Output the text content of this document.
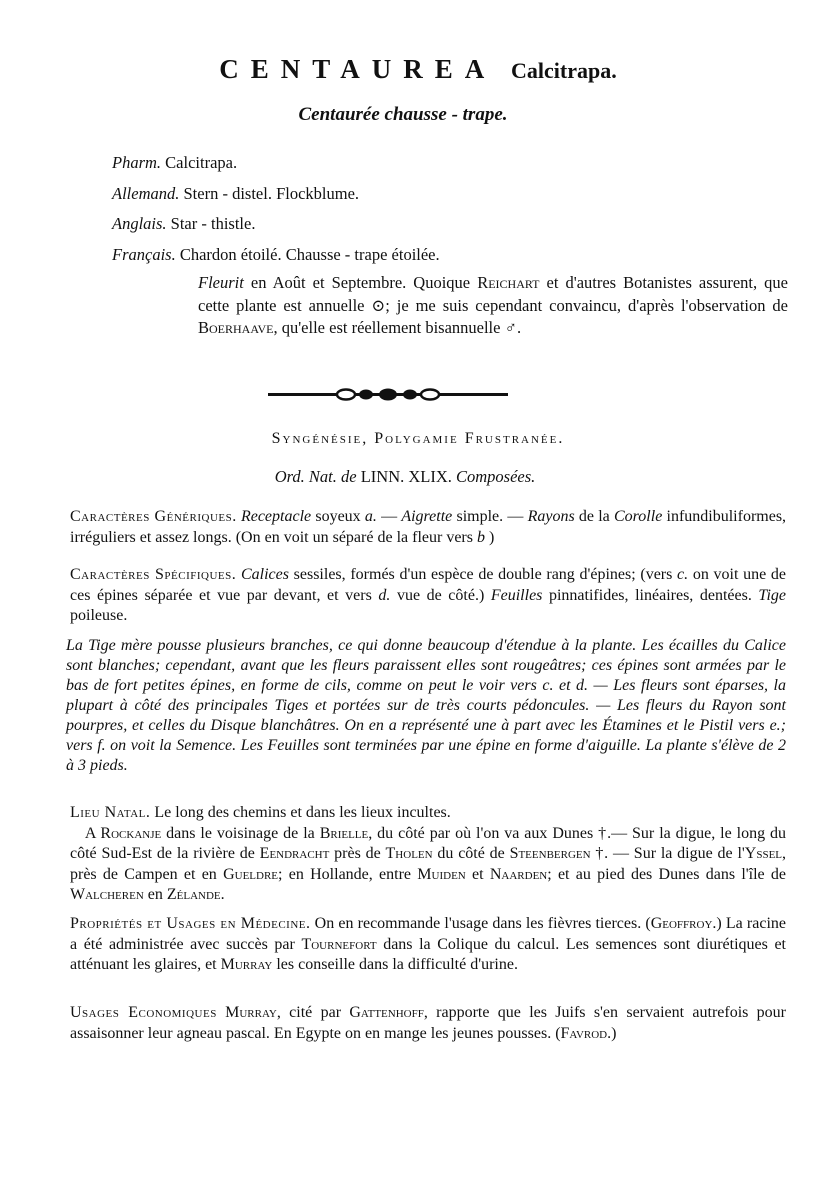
CENTAUREA Calcitrapa.
Centaurée chausse - trape.
Pharm. Calcitrapa.
Allemand. Stern - distel. Flockblume.
Anglais. Star - thistle.
Français. Chardon étoilé. Chausse - trape étoilée.
Fleurit en Août et Septembre. Quoique Reichart et d'autres Botanistes assurent, que cette plante est annuelle ⊙; je me suis cependant convaincu, d'après l'observation de Boerhaave, qu'elle est réellement bisannuelle ♂.
Syngénésie, Polygamie Frustranée.
Ord. Nat. de LINN. XLIX. Composées.
Caractères Génériques. Receptacle soyeux a. — Aigrette simple. — Rayons de la Corolle infundibuliformes, irréguliers et assez longs. (On en voit un séparé de la fleur vers b )
Caractères Spécifiques. Calices sessiles, formés d'un espèce de double rang d'épines; (vers c. on voit une de ces épines séparée et vue par devant, et vers d. vue de côté.) Feuilles pinnatifides, linéaires, dentées. Tige poileuse.
La Tige mère pousse plusieurs branches, ce qui donne beaucoup d'étendue à la plante. Les écailles du Calice sont blanches; cependant, avant que les fleurs paraissent elles sont rougeâtres; ces épines sont armées par le bas de fort petites épines, en forme de cils, comme on peut le voir vers c. et d. — Les fleurs sont éparses, la plupart à côté des principales Tiges et portées sur de très courts pédoncules. — Les fleurs du Rayon sont pourpres, et celles du Disque blanchâtres. On en a représenté une à part avec les Étamines et le Pistil vers e.; vers f. on voit la Semence. Les Feuilles sont terminées par une épine en forme d'aiguille. La plante s'élève de 2 à 3 pieds.
Lieu Natal. Le long des chemins et dans les lieux incultes.
A Rockanje dans le voisinage de la Brielle, du côté par où l'on va aux Dunes †.— Sur la digue, le long du côté Sud-Est de la rivière de Eendracht près de Tholen du côté de Steenbergen †. — Sur la digue de l'Yssel, près de Campen et en Gueldre; en Hollande, entre Muiden et Naarden; et au pied des Dunes dans l'île de Walcheren en Zélande.
Propriétés et Usages en Médecine. On en recommande l'usage dans les fièvres tierces. (Geoffroy.) La racine a été administrée avec succès par Tournefort dans la Colique du calcul. Les semences sont diurétiques et atténuant les glaires, et Murray les conseille dans la difficulté d'urine.
Usages Economiques Murray, cité par Gattenhoff, rapporte que les Juifs s'en servaient autrefois pour assaisonner leur agneau pascal. En Egypte on en mange les jeunes pousses. (Favrod.)
